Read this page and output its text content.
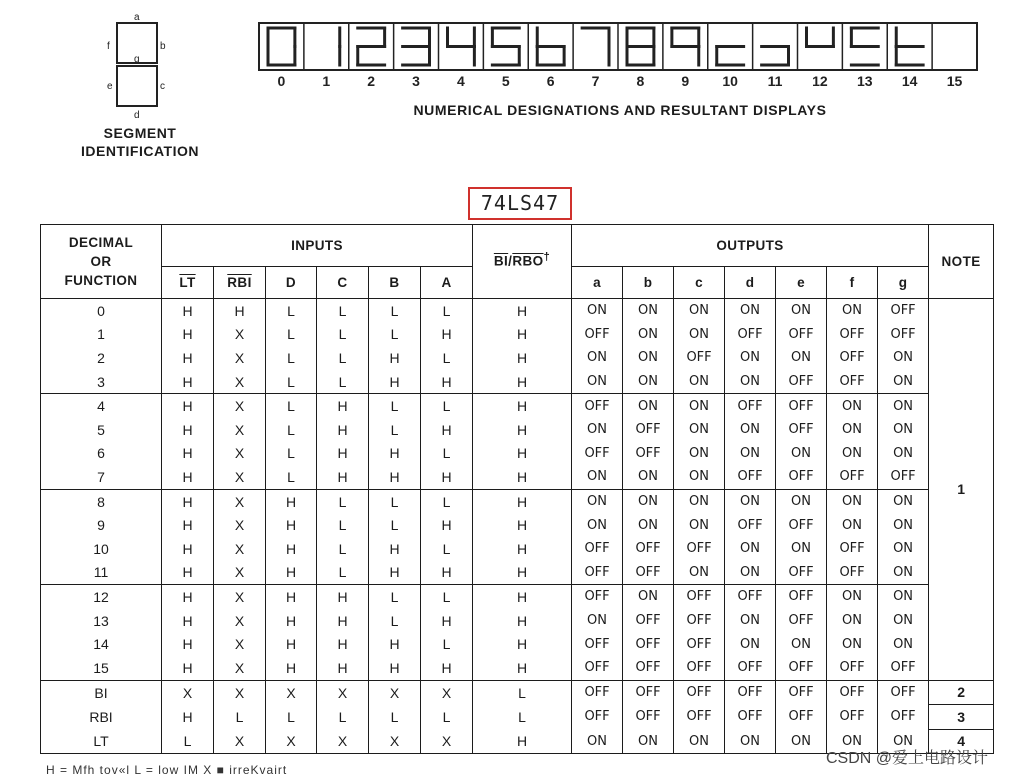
a
b
c
d
e
f
g
0	1	2	3	4	5	6	7	8	9 10 11 12 13 14 15
SEGMENT
IDENTIFICATION
NUMERICAL DESIGNATIONS AND RESULTANT DISPLAYS
74LS47
DECIMAL
OR
FUNCTION	INPUTS						$\overline{BI}/\overline{RBO}^\dagger$	OUTPUTS							NOTE
	$\overline{LT}$	$\overline{RBI}$	D	C	B	A		a	b	c	d	e	f	g	
0	H	H	L	L	L	L	H	ON	ON	ON	ON	ON	ON	OFF	1
1	H	X	L	L	L	H	H	OFF	ON	ON	OFF	OFF	OFF	OFF	
2	H	X	L	L	H	L	H	ON	ON	OFF	ON	ON	OFF	ON	
3	H	X	L	L	H	H	H	ON	ON	ON	ON	OFF	OFF	ON	
4	H	X	L	H	L	L	H	OFF	ON	ON	OFF	OFF	ON	ON	
5	H	X	L	H	L	H	H	ON	OFF	ON	ON	OFF	ON	ON	
6	H	X	L	H	H	L	H	OFF	OFF	ON	ON	ON	ON	ON	
7	H	X	L	H	H	H	H	ON	ON	ON	OFF	OFF	OFF	OFF	
8	H	X	H	L	L	L	H	ON	ON	ON	ON	ON	ON	ON	
9	H	X	H	L	L	H	H	ON	ON	ON	OFF	OFF	ON	ON	
10	H	X	H	L	H	L	H	OFF	OFF	OFF	ON	ON	OFF	ON	
11	H	X	H	L	H	H	H	OFF	OFF	ON	ON	OFF	OFF	ON	
12	H	X	H	H	L	L	H	OFF	ON	OFF	OFF	OFF	ON	ON	
13	H	X	H	H	L	H	H	ON	OFF	OFF	ON	OFF	ON	ON	
14	H	X	H	H	H	L	H	OFF	OFF	OFF	ON	ON	ON	ON	
15	H	X	H	H	H	H	H	OFF	OFF	OFF	OFF	OFF	OFF	OFF	
BI	X	X	X	X	X	X	L	OFF	OFF	OFF	OFF	OFF	OFF	OFF	2
RBI	H	L	L	L	L	L	L	OFF	OFF	OFF	OFF	OFF	OFF	OFF	3
LT	L	X	X	X	X	X	H	ON	ON	ON	ON	ON	ON	ON	4
H = Mfh tov«l L = low IM X ■ irreKvairt
CSDN @爱上电路设计
